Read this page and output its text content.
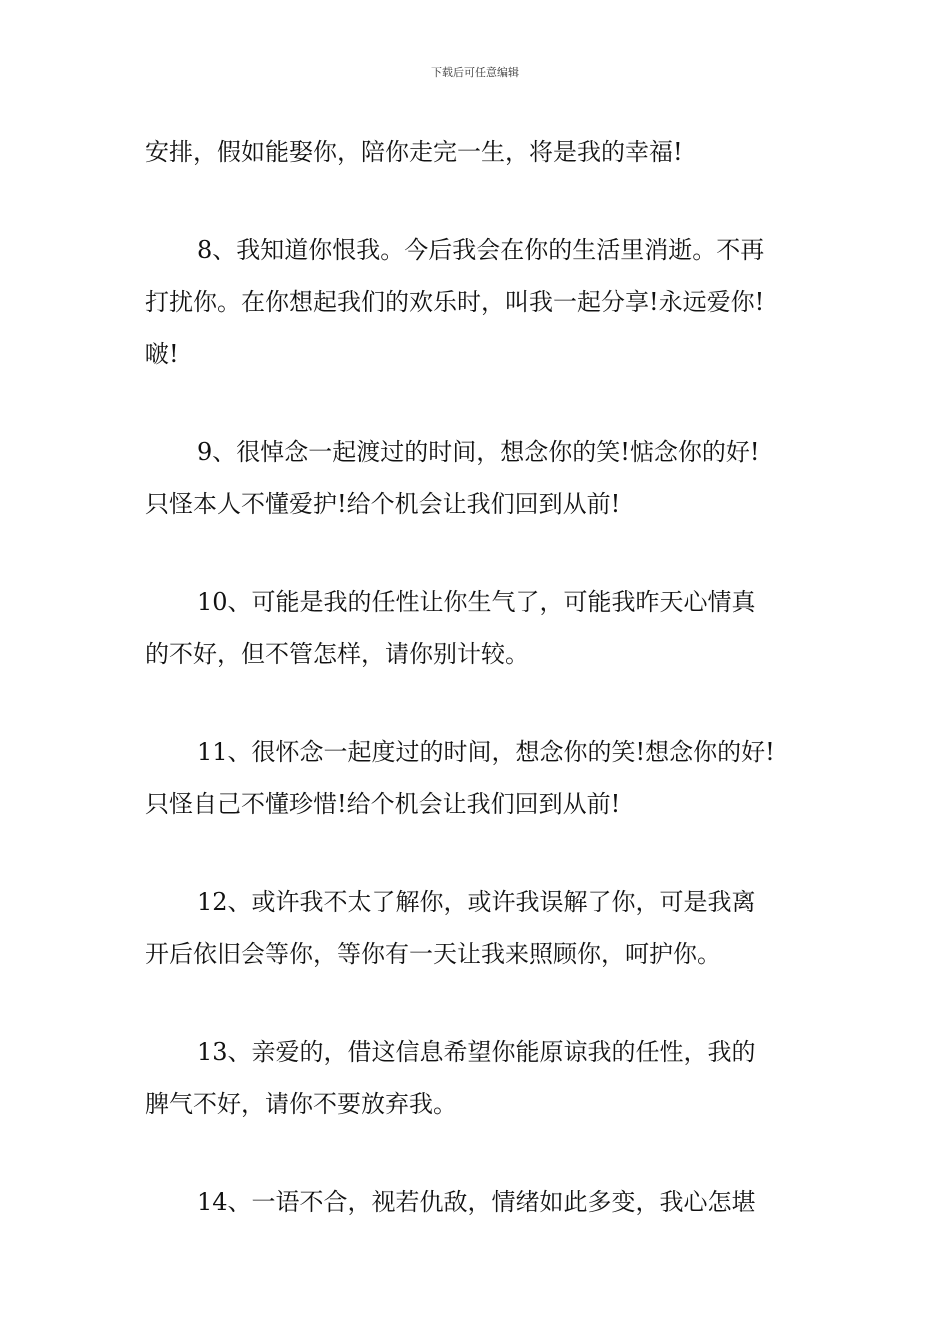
下载后可任意编辑
安排，假如能娶你，陪你走完一生，将是我的幸福!
8、我知道你恨我。今后我会在你的生活里消逝。不再
打扰你。在你想起我们的欢乐时，叫我一起分享!永远爱你!
啵!
9、很悼念一起渡过的时间，想念你的笑!惦念你的好!
只怪本人不懂爱护!给个机会让我们回到从前!
10、可能是我的任性让你生气了，可能我昨天心情真
的不好，但不管怎样，请你别计较。
11、很怀念一起度过的时间，想念你的笑!想念你的好!
只怪自己不懂珍惜!给个机会让我们回到从前!
12、或许我不太了解你，或许我误解了你，可是我离
开后依旧会等你，等你有一天让我来照顾你，呵护你。
13、亲爱的，借这信息希望你能原谅我的任性，我的
脾气不好，请你不要放弃我。
14、一语不合，视若仇敌，情绪如此多变，我心怎堪
